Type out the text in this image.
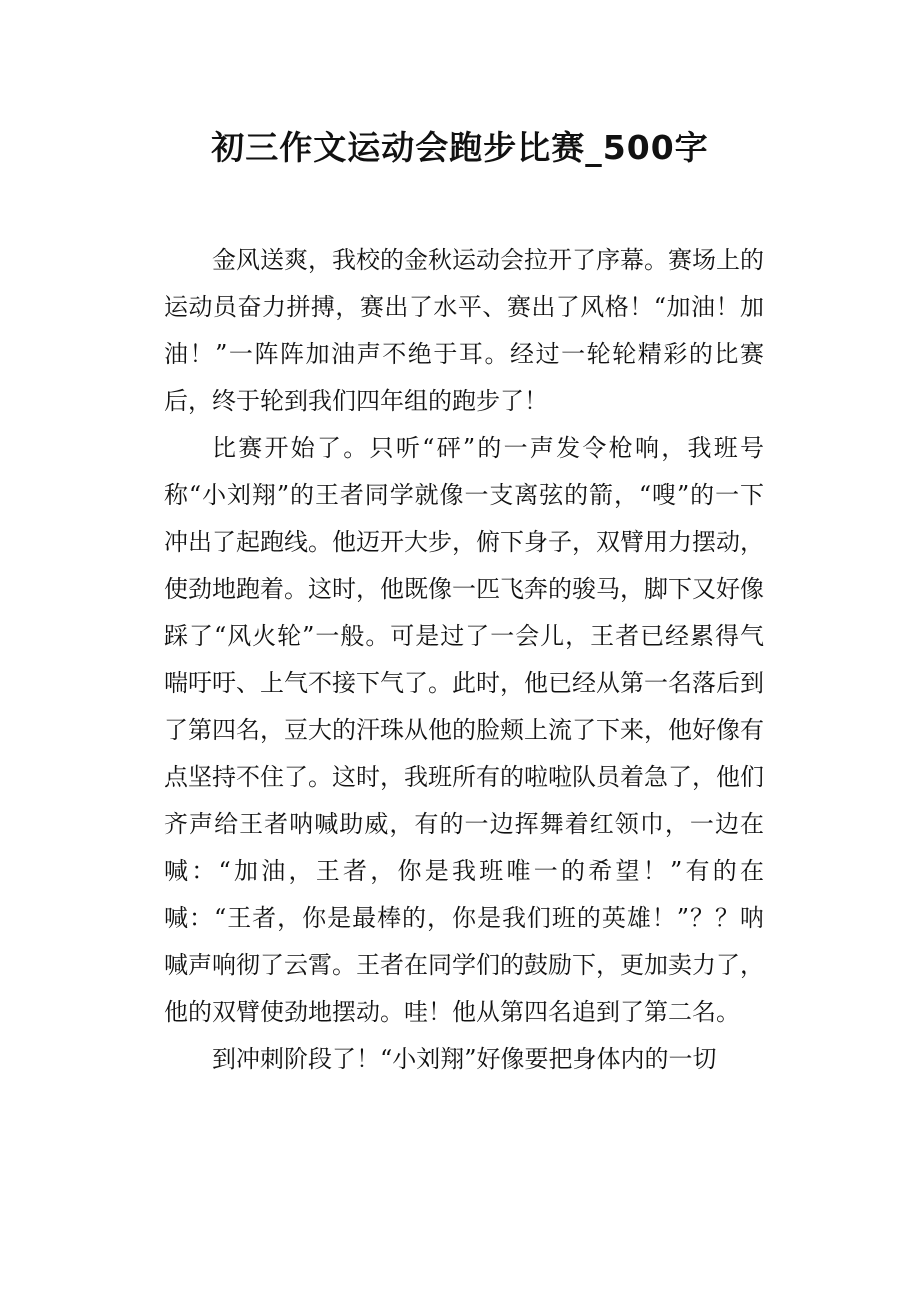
初三作文运动会跑步比赛_500字

金风送爽，我校的金秋运动会拉开了序幕。赛场上的运动员奋力拼搏，赛出了水平、赛出了风格！“加油！加油！”一阵阵加油声不绝于耳。经过一轮轮精彩的比赛后，终于轮到我们四年组的跑步了！

比赛开始了。只听“砰”的一声发令枪响，我班号称“小刘翔”的王者同学就像一支离弦的箭，“嗖”的一下冲出了起跑线。他迈开大步，俯下身子，双臂用力摆动，使劲地跑着。这时，他既像一匹飞奔的骏马，脚下又好像踩了“风火轮”一般。可是过了一会儿，王者已经累得气喘吁吁、上气不接下气了。此时，他已经从第一名落后到了第四名，豆大的汗珠从他的脸颊上流了下来，他好像有点坚持不住了。这时，我班所有的啦啦队员着急了，他们齐声给王者呐喊助威，有的一边挥舞着红领巾，一边在喊：“加油，王者，你是我班唯一的希望！”有的在喊：“王者，你是最棒的，你是我们班的英雄！”？？呐喊声响彻了云霄。王者在同学们的鼓励下，更加卖力了，他的双臂使劲地摆动。哇！他从第四名追到了第二名。

到冲刺阶段了！“小刘翔”好像要把身体内的一切
